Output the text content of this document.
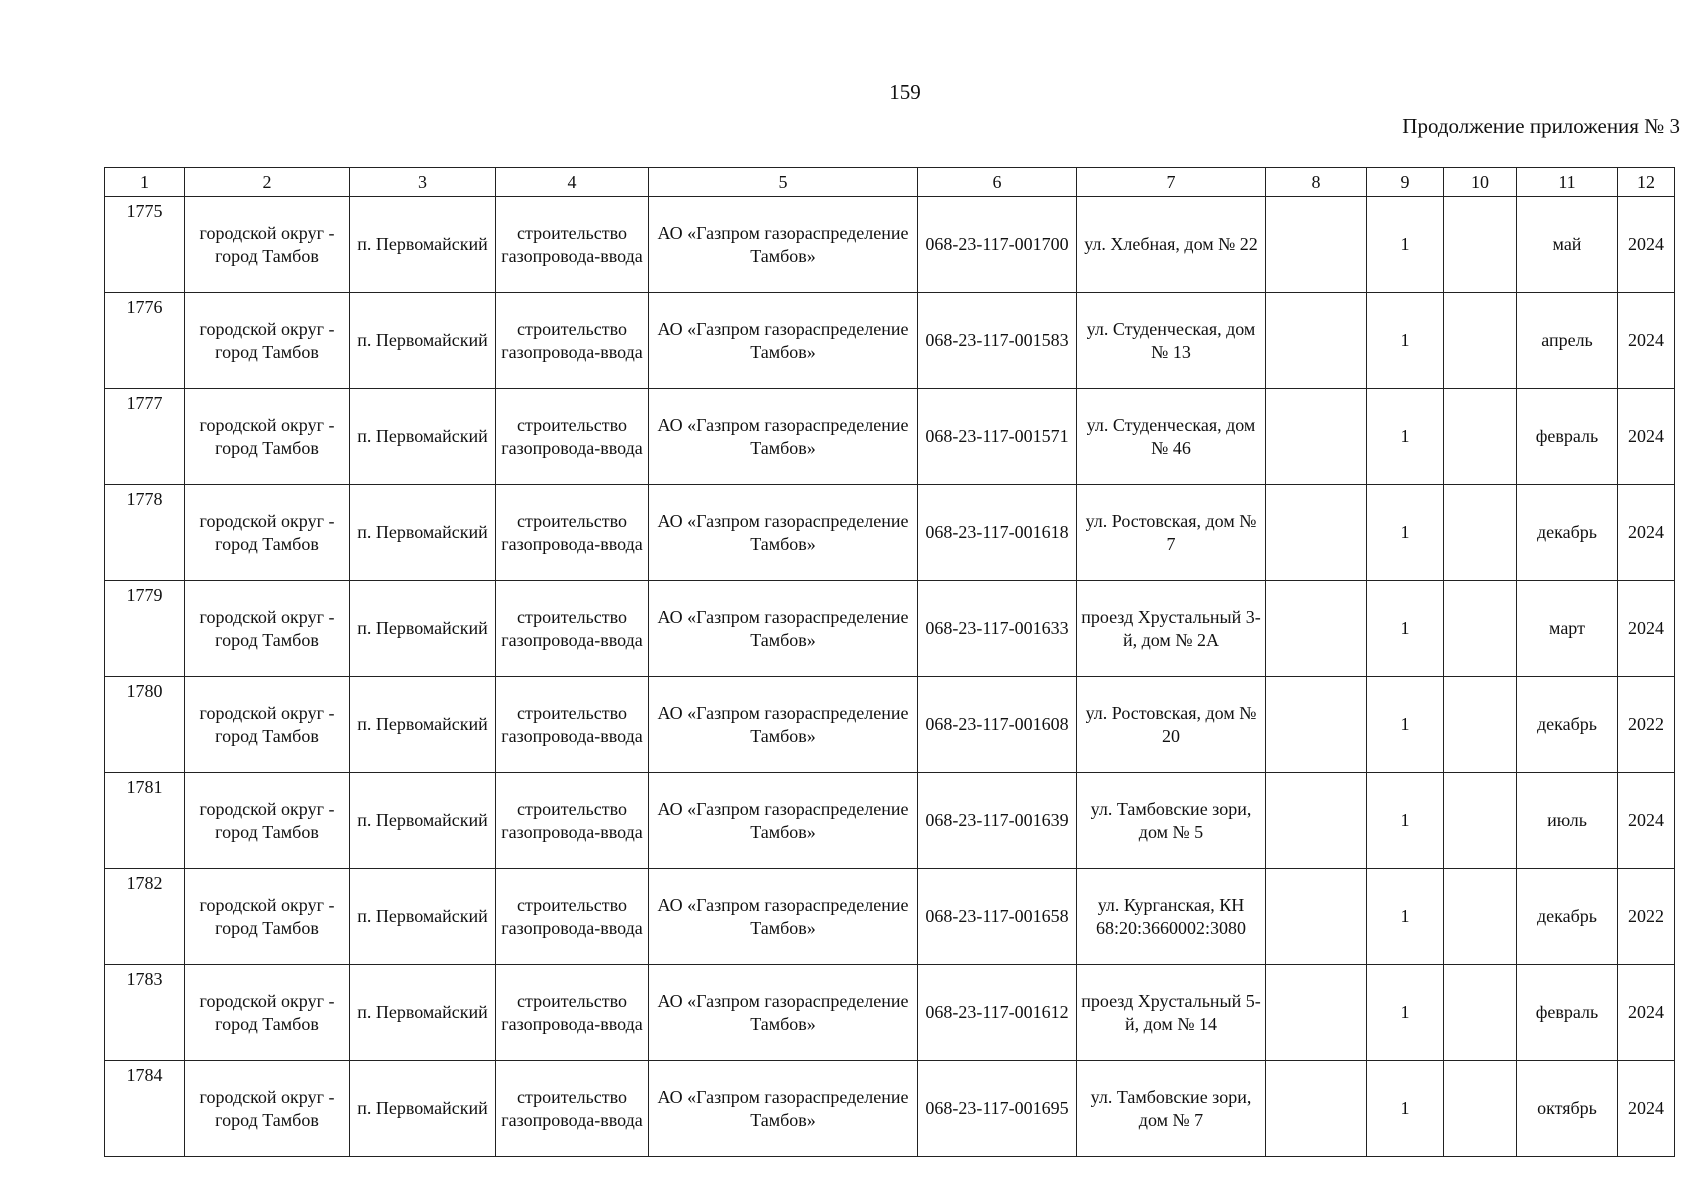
159
Продолжение приложения № 3
1	2	3	4	5	6	7	8	9	10	11	12
1775	городской округ - город Тамбов	п. Первомайский	строительство газопровода-ввода	АО «Газпром газораспределение Тамбов»	068-23-117-001700	ул. Хлебная, дом № 22		1		май	2024
1776	городской округ - город Тамбов	п. Первомайский	строительство газопровода-ввода	АО «Газпром газораспределение Тамбов»	068-23-117-001583	ул. Студенческая, дом № 13		1		апрель	2024
1777	городской округ - город Тамбов	п. Первомайский	строительство газопровода-ввода	АО «Газпром газораспределение Тамбов»	068-23-117-001571	ул. Студенческая, дом № 46		1		февраль	2024
1778	городской округ - город Тамбов	п. Первомайский	строительство газопровода-ввода	АО «Газпром газораспределение Тамбов»	068-23-117-001618	ул. Ростовская, дом № 7		1		декабрь	2024
1779	городской округ - город Тамбов	п. Первомайский	строительство газопровода-ввода	АО «Газпром газораспределение Тамбов»	068-23-117-001633	проезд Хрустальный 3-й, дом № 2А		1		март	2024
1780	городской округ - город Тамбов	п. Первомайский	строительство газопровода-ввода	АО «Газпром газораспределение Тамбов»	068-23-117-001608	ул. Ростовская, дом № 20		1		декабрь	2022
1781	городской округ - город Тамбов	п. Первомайский	строительство газопровода-ввода	АО «Газпром газораспределение Тамбов»	068-23-117-001639	ул. Тамбовские зори, дом № 5		1		июль	2024
1782	городской округ - город Тамбов	п. Первомайский	строительство газопровода-ввода	АО «Газпром газораспределение Тамбов»	068-23-117-001658	ул. Курганская, КН 68:20:3660002:3080		1		декабрь	2022
1783	городской округ - город Тамбов	п. Первомайский	строительство газопровода-ввода	АО «Газпром газораспределение Тамбов»	068-23-117-001612	проезд Хрустальный 5-й, дом № 14		1		февраль	2024
1784	городской округ - город Тамбов	п. Первомайский	строительство газопровода-ввода	АО «Газпром газораспределение Тамбов»	068-23-117-001695	ул. Тамбовские зори, дом № 7		1		октябрь	2024
